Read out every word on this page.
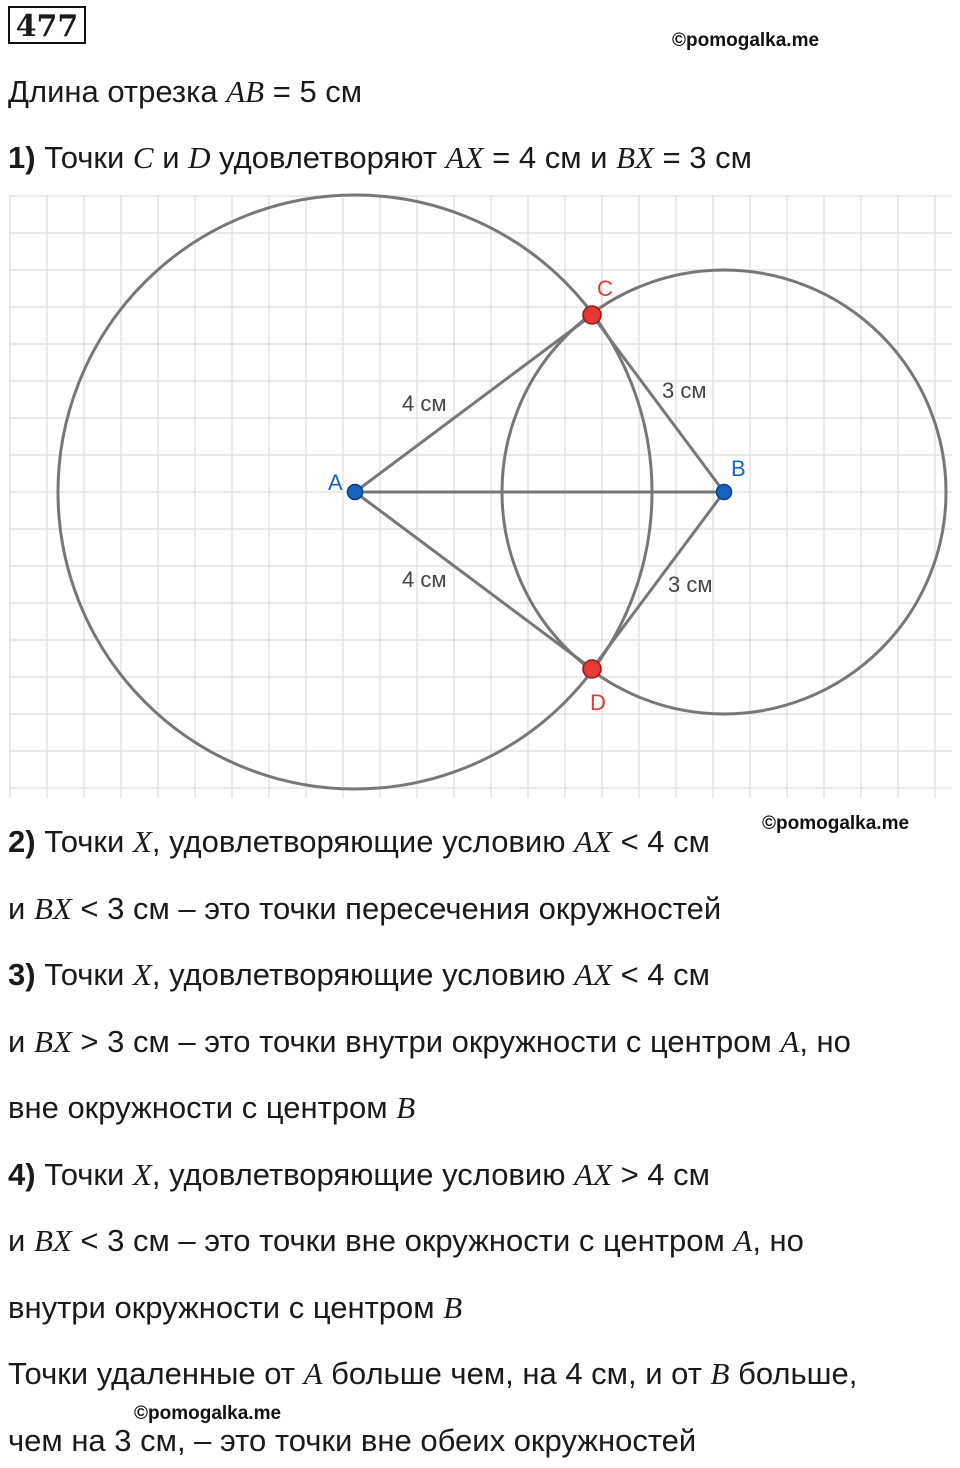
477	©pomogalka.me
Длина отрезка AB = 5 см
1) Точки C и D удовлетворяют AX = 4 см и BX = 3 см
4 см
4 см
3 см
3 см
A
B
C
D
©pomogalka.me
2) Точки X, удовлетворяющие условию AX < 4 см
и BX < 3 см – это точки пересечения окружностей
3) Точки X, удовлетворяющие условию AX < 4 см
и BX > 3 см – это точки внутри окружности с центром A, но
вне окружности с центром B
4) Точки X, удовлетворяющие условию AX > 4 см
и BX < 3 см – это точки вне окружности с центром A, но
внутри окружности с центром B
Точки удаленные от A больше чем, на 4 см, и от B больше,
©pomogalka.me
чем на 3 см, – это точки вне обеих окружностей
